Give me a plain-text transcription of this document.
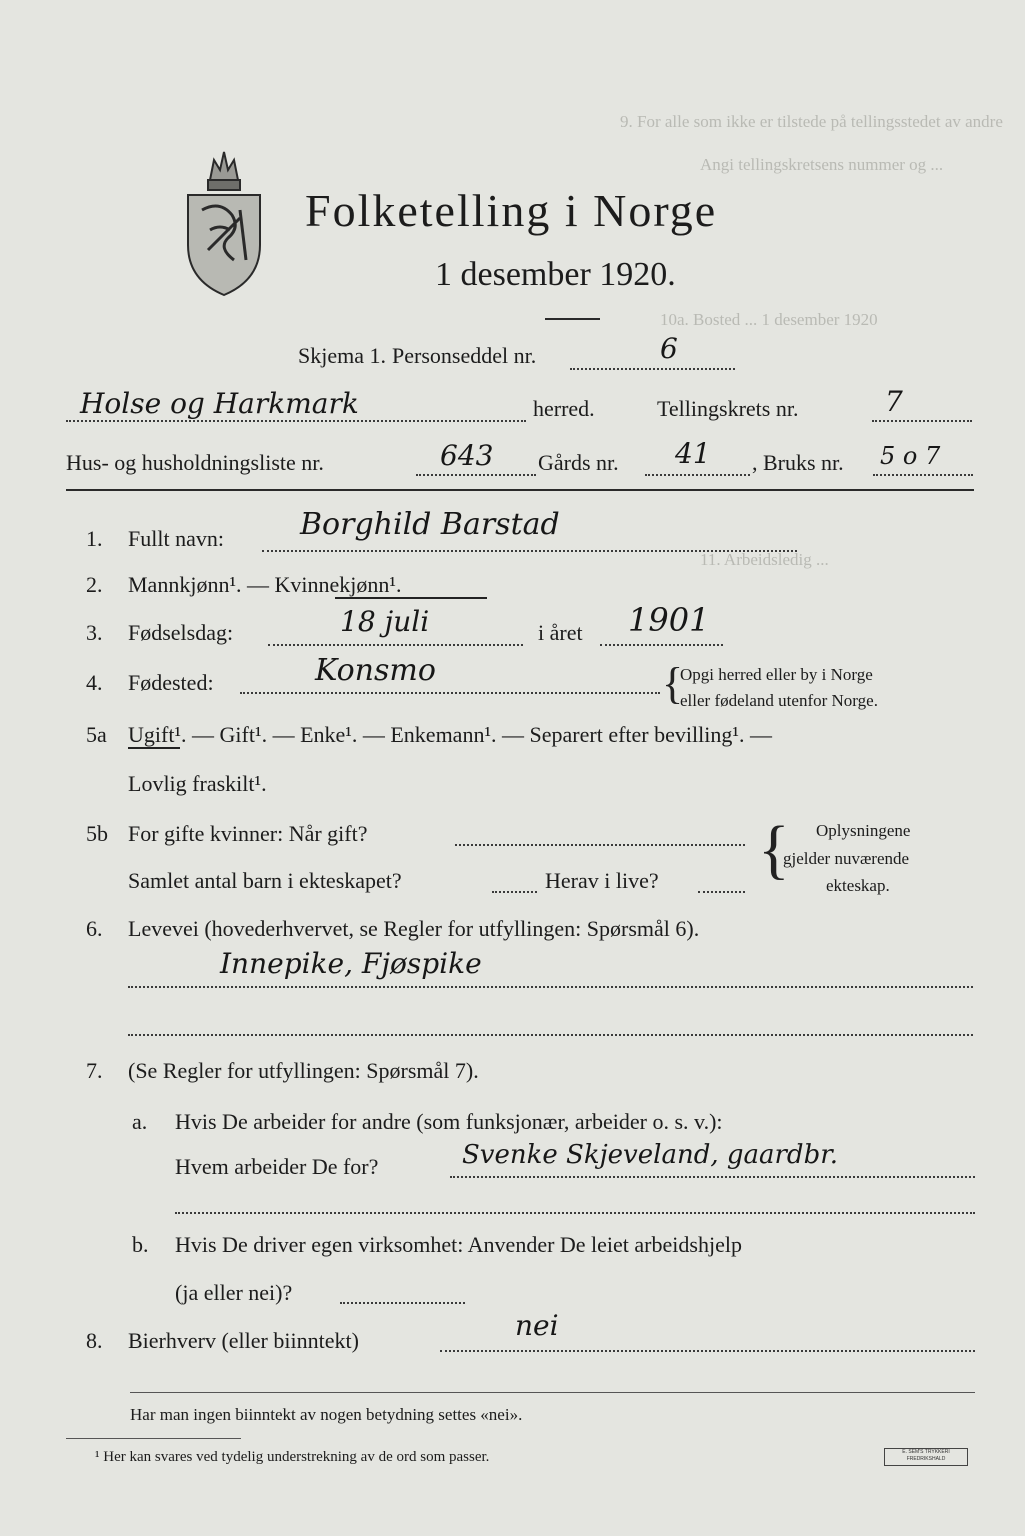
9. For alle som ikke er tilstede på tellingsstedet av andre
Angi tellingskretsens nummer og ...
10a. Bosted ... 1 desember 1920
11. Arbeidsledig ...
Folketelling i Norge
1 desember 1920.
Skjema 1. Personseddel nr.	6
Holse og Harkmark	herred.	Tellingskrets nr.	7
Hus- og husholdningsliste nr.	643 Gårds nr. 41 , Bruks nr. 5 o 7
1. Fullt navn:	Borghild Barstad
2. Mannkjønn¹. — Kvinnekjønn¹.
3. Fødselsdag:	18 juli	i året 1901
4. Fødested:	Konsmo	{
Opgi herred eller by i Norge
eller fødeland utenfor Norge.
5a Ugift¹. — Gift¹. — Enke¹. — Enkemann¹. — Separert efter bevilling¹. —
Lovlig fraskilt¹.
5b For gifte kvinner: Når gift?
Samlet antal barn i ekteskapet?	Herav i live? { Oplysningene
gjelder nuværende
ekteskap.
6. Levevei (hovederhvervet, se Regler for utfyllingen: Spørsmål 6).
Innepike, Fjøspike
7. (Se Regler for utfyllingen: Spørsmål 7).
a. Hvis De arbeider for andre (som funksjonær, arbeider o. s. v.):
Hvem arbeider De for?	Svenke Skjeveland, gaardbr.
b. Hvis De driver egen virksomhet: Anvender De leiet arbeidshjelp
(ja eller nei)?
8. Bierhverv (eller biinntekt)	nei
Har man ingen biinntekt av nogen betydning settes «nei».
¹ Her kan svares ved tydelig understrekning av de ord som passer.	E. SEM'S TRYKKERI FREDRIKSHALD
